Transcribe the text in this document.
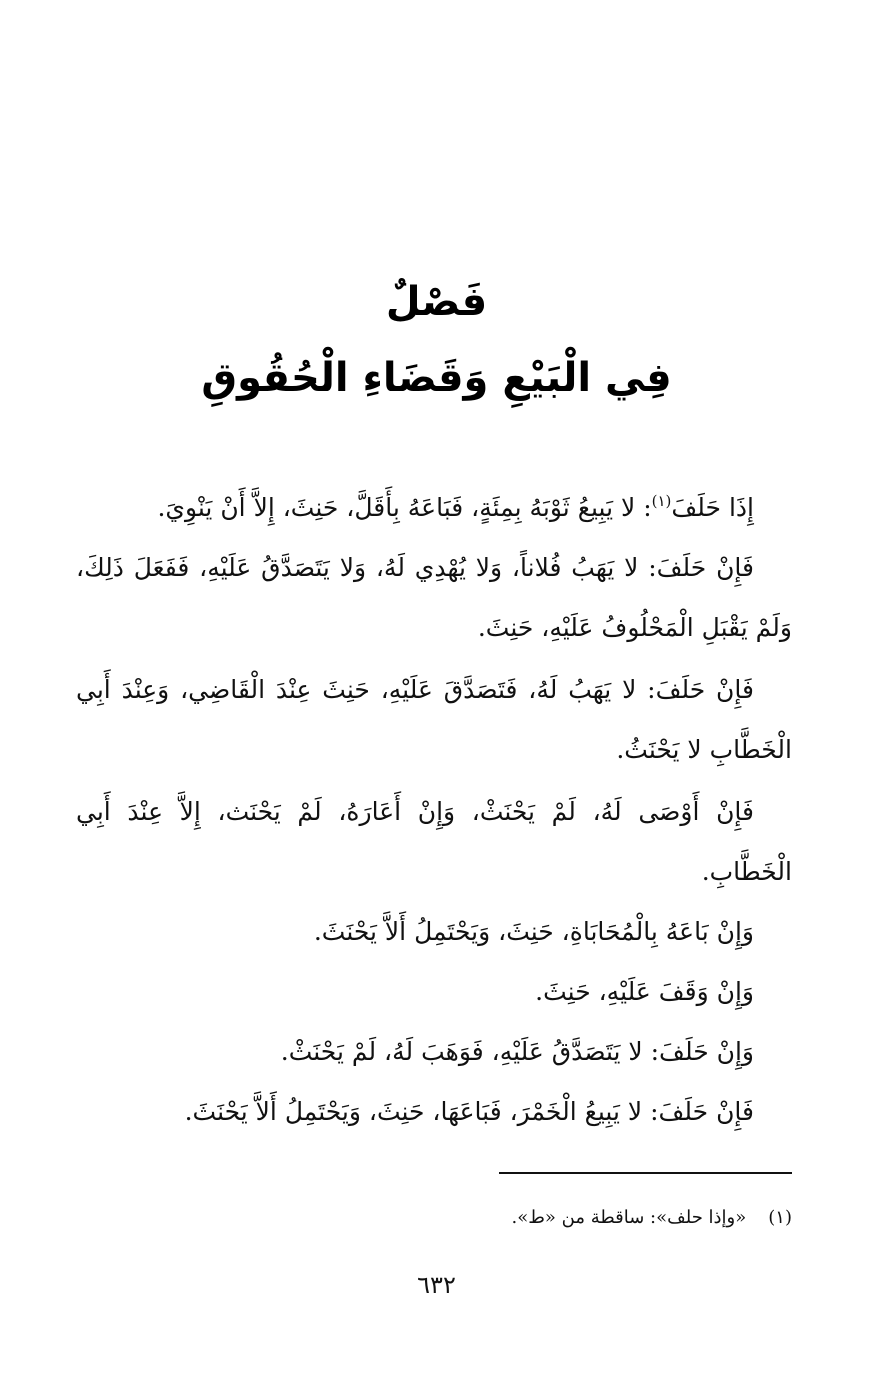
فَصْلٌ
فِي الْبَيْعِ وَقَضَاءِ الْحُقُوقِ

إِذَا حَلَفَ$^{(١)}$: لا يَبِيعُ ثَوْبَهُ بِمِئَةٍ، فَبَاعَهُ بِأَقَلَّ، حَنِثَ، إِلاَّ أَنْ يَنْوِيَ.

فَإِنْ حَلَفَ: لا يَهَبُ فُلاناً، وَلا يُهْدِي لَهُ، وَلا يَتَصَدَّقُ عَلَيْهِ، فَفَعَلَ ذَلِكَ، وَلَمْ يَقْبَلِ الْمَحْلُوفُ عَلَيْهِ، حَنِثَ.

فَإِنْ حَلَفَ: لا يَهَبُ لَهُ، فَتَصَدَّقَ عَلَيْهِ، حَنِثَ عِنْدَ الْقَاضِي، وَعِنْدَ أَبِي الْخَطَّابِ لا يَحْنَثُ.

فَإِنْ أَوْصَى لَهُ، لَمْ يَحْنَثْ، وَإِنْ أَعَارَهُ، لَمْ يَحْنَث، إِلاَّ عِنْدَ أَبِي الْخَطَّابِ.

وَإِنْ بَاعَهُ بِالْمُحَابَاةِ، حَنِثَ، وَيَحْتَمِلُ أَلاَّ يَحْنَثَ.

وَإِنْ وَقَفَ عَلَيْهِ، حَنِثَ.

وَإِنْ حَلَفَ: لا يَتَصَدَّقُ عَلَيْهِ، فَوَهَبَ لَهُ، لَمْ يَحْنَثْ.

فَإِنْ حَلَفَ: لا يَبِيعُ الْخَمْرَ، فَبَاعَهَا، حَنِثَ، وَيَحْتَمِلُ أَلاَّ يَحْنَثَ.

(١)«وإذا حلف»: ساقطة من «ط».
٦٣٢
